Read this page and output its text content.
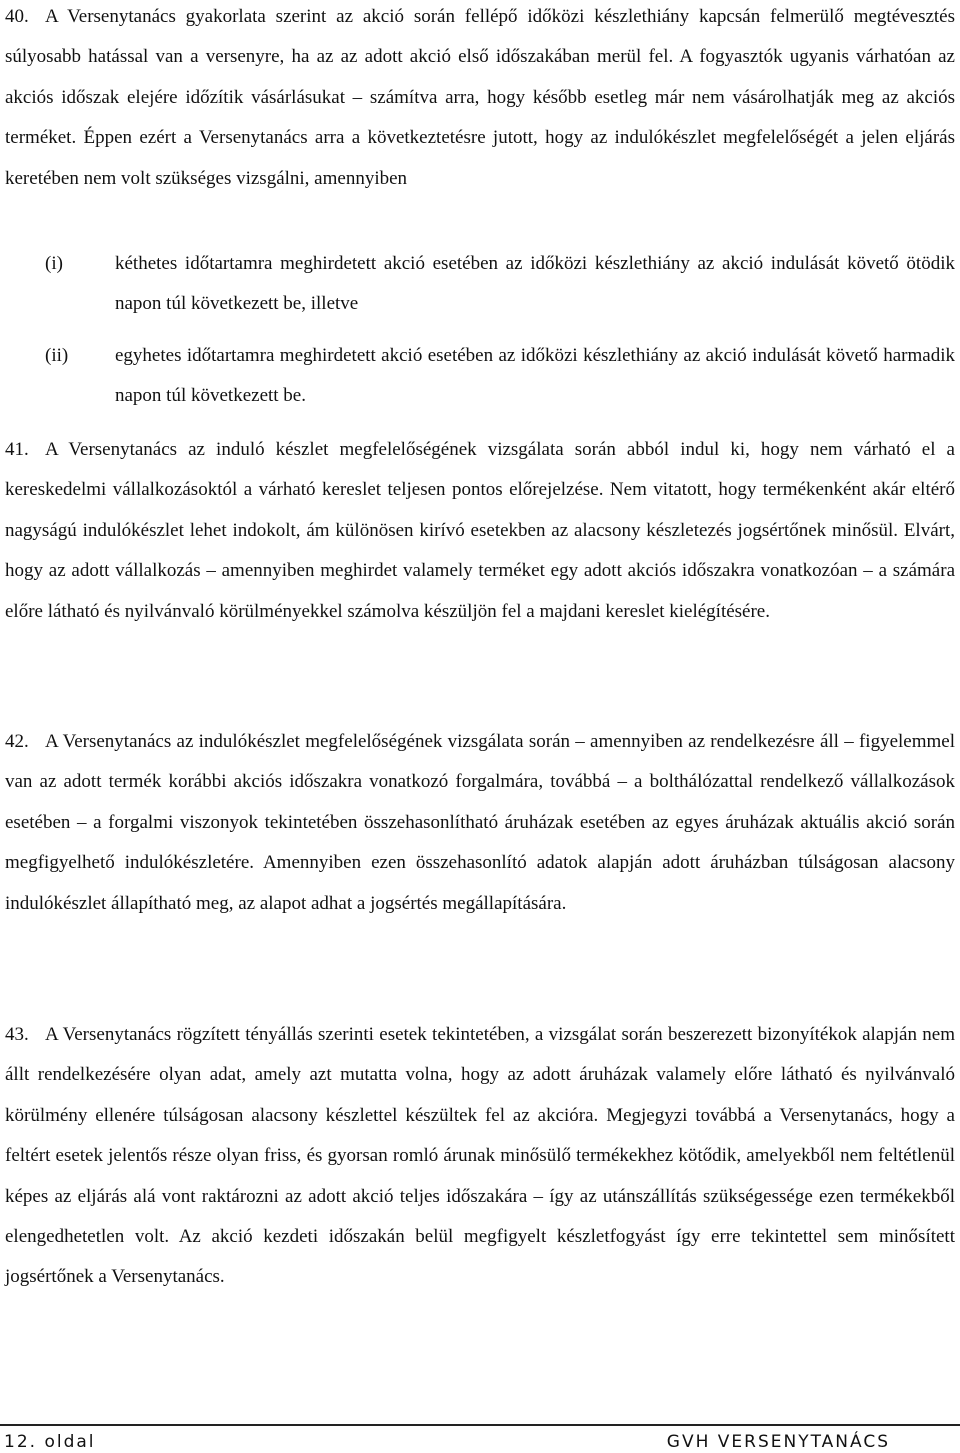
40. A Versenytanács gyakorlata szerint az akció során fellépő időközi készlethiány kapcsán felmerülő megtévesztés súlyosabb hatással van a versenyre, ha az az adott akció első időszakában merül fel. A fogyasztók ugyanis várhatóan az akciós időszak elejére időzítik vásárlásukat – számítva arra, hogy később esetleg már nem vásárolhatják meg az akciós terméket. Éppen ezért a Versenytanács arra a következtetésre jutott, hogy az indulókészlet megfelelőségét a jelen eljárás keretében nem volt szükséges vizsgálni, amennyiben

(i)	kéthetes időtartamra meghirdetett akció esetében az időközi készlethiány az akció indulását követő ötödik napon túl következett be, illetve
(ii) egyhetes időtartamra meghirdetett akció esetében az időközi készlethiány az akció indulását követő harmadik napon túl következett be.

41. A Versenytanács az induló készlet megfelelőségének vizsgálata során abból indul ki, hogy nem várható el a kereskedelmi vállalkozásoktól a várható kereslet teljesen pontos előrejelzése. Nem vitatott, hogy termékenként akár eltérő nagyságú indulókészlet lehet indokolt, ám különösen kirívó esetekben az alacsony készletezés jogsértőnek minősül. Elvárt, hogy az adott vállalkozás – amennyiben meghirdet valamely terméket egy adott akciós időszakra vonatkozóan – a számára előre látható és nyilvánvaló körülményekkel számolva készüljön fel a majdani kereslet kielégítésére.

42. A Versenytanács az indulókészlet megfelelőségének vizsgálata során – amennyiben az rendelkezésre áll – figyelemmel van az adott termék korábbi akciós időszakra vonatkozó forgalmára, továbbá – a bolthálózattal rendelkező vállalkozások esetében – a forgalmi viszonyok tekintetében összehasonlítható áruházak esetében az egyes áruházak aktuális akció során megfigyelhető indulókészletére. Amennyiben ezen összehasonlító adatok alapján adott áruházban túlságosan alacsony indulókészlet állapítható meg, az alapot adhat a jogsértés megállapítására.

43. A Versenytanács rögzített tényállás szerinti esetek tekintetében, a vizsgálat során beszerezett bizonyítékok alapján nem állt rendelkezésére olyan adat, amely azt mutatta volna, hogy az adott áruházak valamely előre látható és nyilvánvaló körülmény ellenére túlságosan alacsony készlettel készültek fel az akcióra. Megjegyzi továbbá a Versenytanács, hogy a feltért esetek jelentős része olyan friss, és gyorsan romló árunak minősülő termékekhez kötődik, amelyekből nem feltétlenül képes az eljárás alá vont raktározni az adott akció teljes időszakára – így az utánszállítás szükségessége ezen termékekből elengedhetetlen volt. Az akció kezdeti időszakán belül megfigyelt készletfogyást így erre tekintettel sem minősített jogsértőnek a Versenytanács.

12. oldal	GVH VERSENYTANÁCS
